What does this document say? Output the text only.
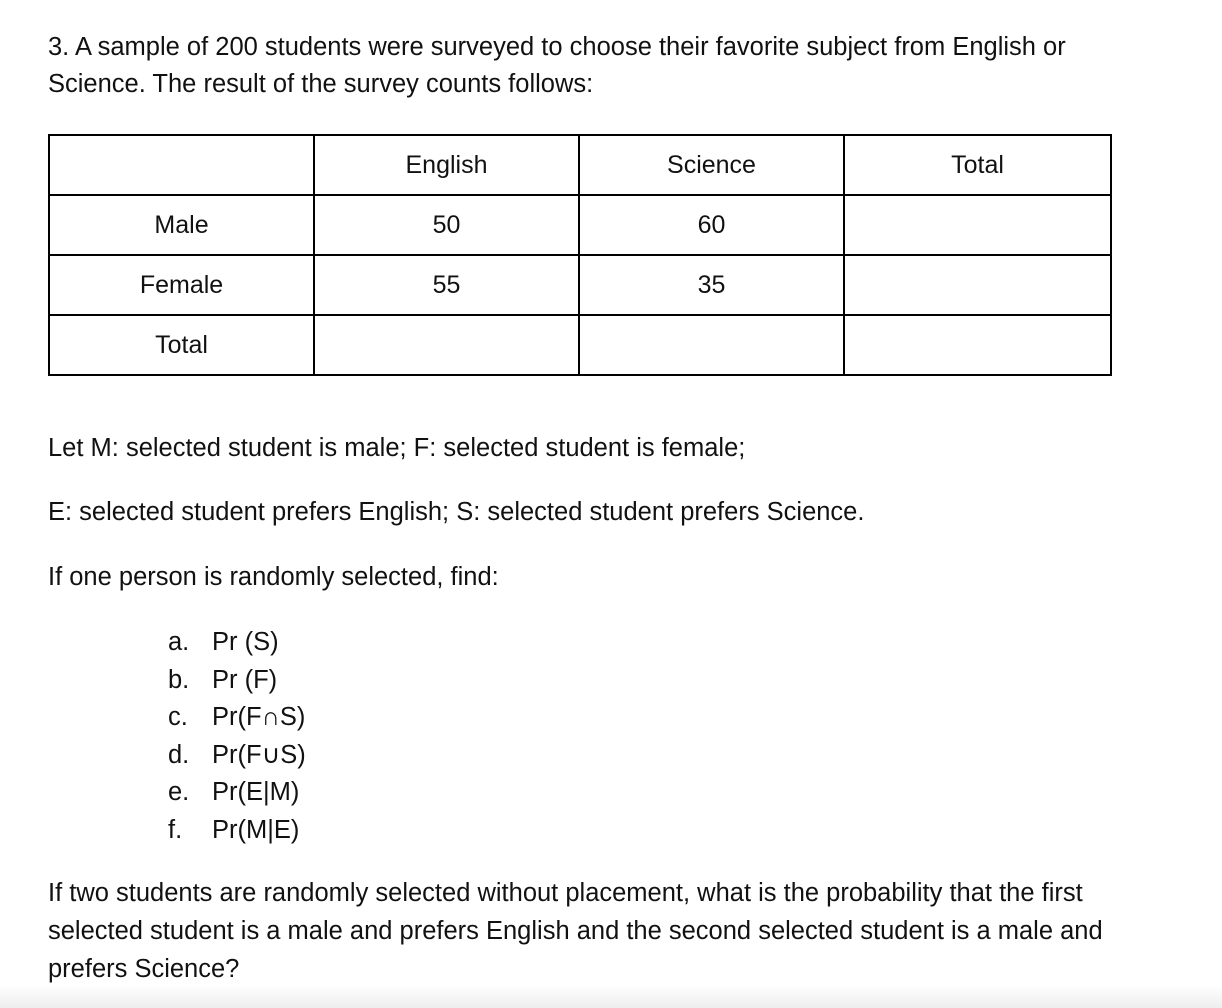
3. A sample of 200 students were surveyed to choose their favorite subject from English or Science. The result of the survey counts follows:

	English	Science	Total
Male	50	60	
Female	55	35	
Total			

Let M: selected student is male; F: selected student is female;

E: selected student prefers English; S: selected student prefers Science.

If one person is randomly selected, find:

a. Pr (S)
b. Pr (F)
c. Pr(F∩S)
d. Pr(F∪S)
e. Pr(E|M)
f.	Pr(M|E)

If two students are randomly selected without placement, what is the probability that the first selected student is a male and prefers English and the second selected student is a male and prefers Science?
